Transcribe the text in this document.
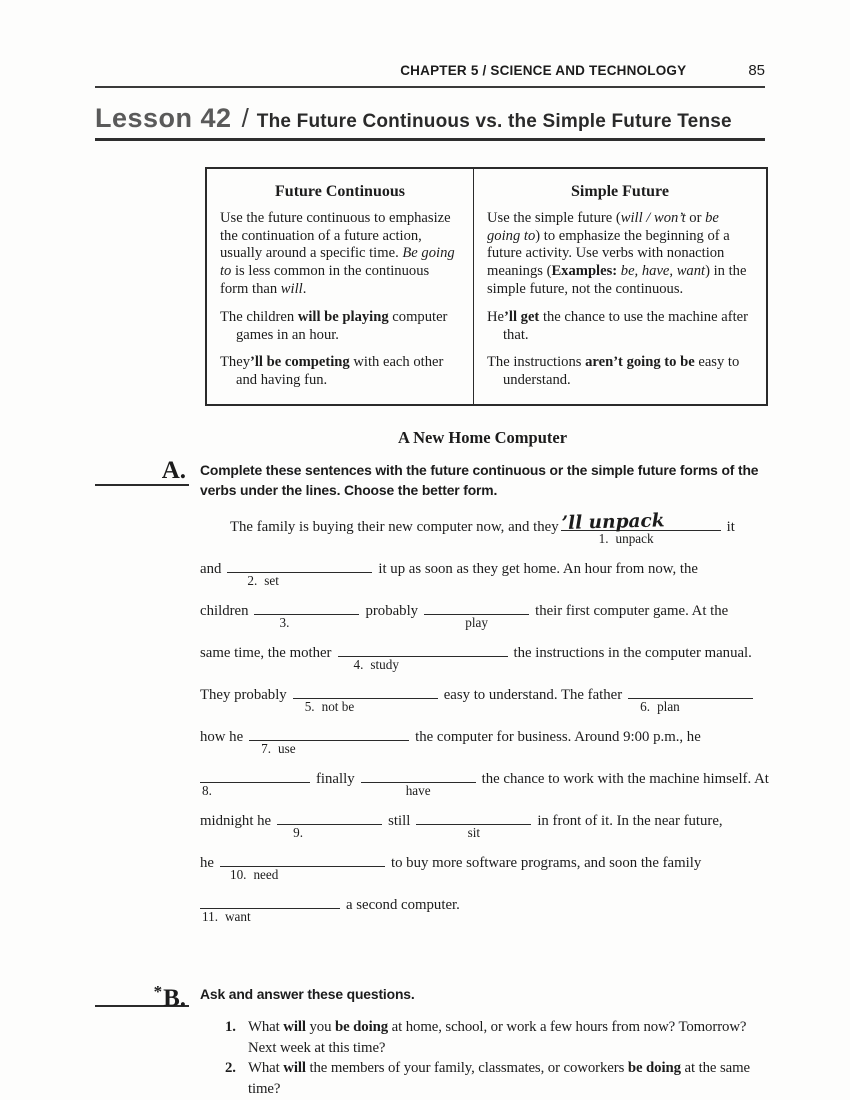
CHAPTER 5 / SCIENCE AND TECHNOLOGY	85
Lesson 42 / The Future Continuous vs. the Simple Future Tense
Future Continuous

Use the future continuous to emphasize the continuation of a future action, usually around a specific time. Be going to is less common in the continuous form than will.

The children will be playing computer games in an hour.
They’ll be competing with each other and having fun.
Simple Future

Use the simple future (will / won’t or be going to) to emphasize the beginning of a future activity. Use verbs with nonaction meanings (Examples: be, have, want) in the simple future, not the continuous.

He’ll get the chance to use the machine after that.
The instructions aren’t going to be easy to understand.
A New Home Computer
A. Complete these sentences with the future continuous or the simple future forms of the verbs under the lines. Choose the better form.
The family is buying their new computer now, and they ’ll unpack
1. unpack
it
and
2. set
it up as soon as they get home. An hour from now, the
children
3.
probably
play
their first computer game. At the
same time, the mother
4. study
the instructions in the computer manual.
They probably
5. not be
easy to understand. The father
6. plan
how he
7. use
the computer for business. Around 9:00 p.m., he
8.
finally
have
the chance to work with the machine himself. At
midnight he
9.
still
sit
in front of it. In the near future,
he
10. need
to buy more software programs, and soon the family
11. want
a second computer.
*B. Ask and answer these questions.
1. What will you be doing at home, school, or work a few hours from now? Tomorrow? Next week at this time?
2. What will the members of your family, classmates, or coworkers be doing at the same time?
